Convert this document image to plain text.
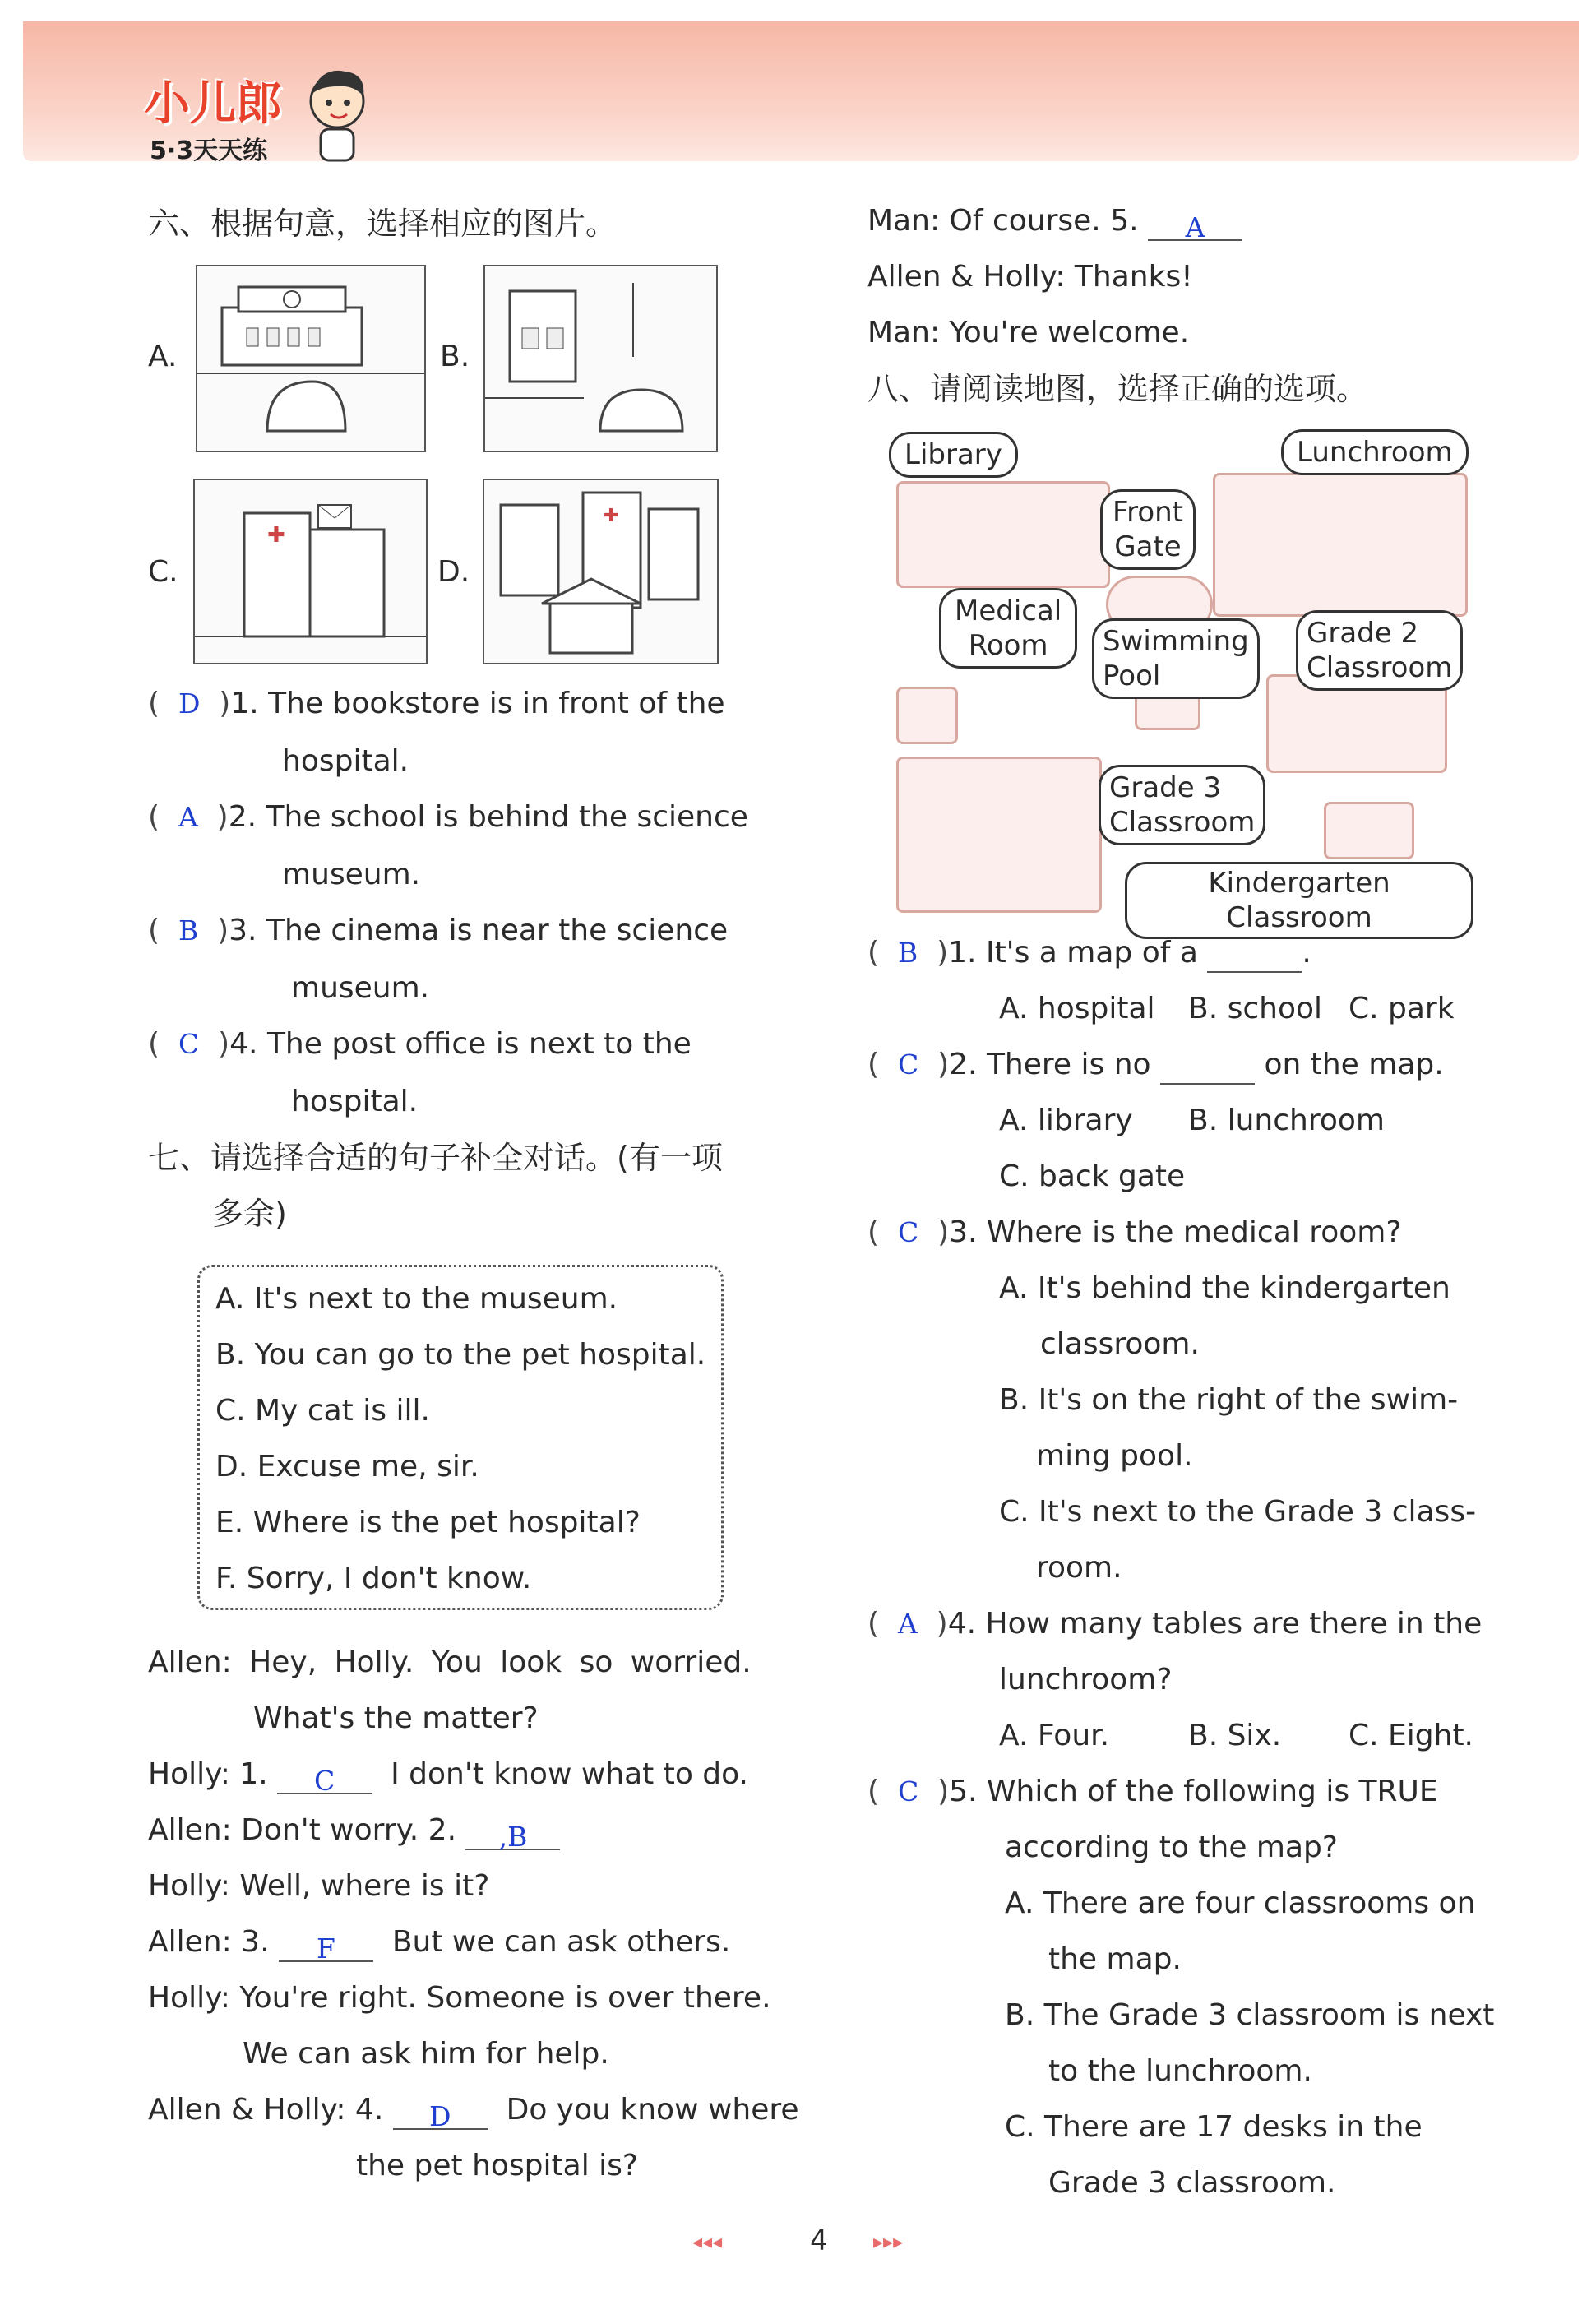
小儿郎
5·3天天练
六、根据句意，选择相应的图片。
A.	B.
C.
✚
D.
✚
( D )1. The bookstore is in front of the
hospital.
( A )2. The school is behind the science
museum.
( B )3. The cinema is near the science
museum.
( C )4. The post office is next to the
hospital.
七、请选择合适的句子补全对话。(有一项
多余)
A. It's next to the museum.
B. You can go to the pet hospital.
C. My cat is ill.
D. Excuse me, sir.
E. Where is the pet hospital?
F. Sorry, I don't know.
Allen: Hey, Holly. You look so worried.
What's the matter?
Holly: 1. C I don't know what to do.
Allen: Don't worry. 2. ,B
Holly: Well, where is it?
Allen: 3. F But we can ask others.
Holly: You're right. Someone is over there.
We can ask him for help.
Allen & Holly: 4. D Do you know where
the pet hospital is?
Man: Of course. 5. A
Allen & Holly: Thanks!
Man: You're welcome.
八、请阅读地图，选择正确的选项。
Library	Lunchroom
Front
Gate
Medical
Room	Swimming
Pool
Grade 2
Classroom
Grade 3
Classroom
Kindergarten Classroom
( B )1. It's a map of a	.
A. hospital B. school C. park
( C )2. There is no	on the map.
A. library B. lunchroom
C. back gate
( C )3. Where is the medical room?
A. It's behind the kindergarten
classroom.
B. It's on the right of the swim-
ming pool.
C. It's next to the Grade 3 class-
room.
( A )4. How many tables are there in the
lunchroom?
A. Four.	B. Six. C. Eight.
( C )5. Which of the following is TRUE
according to the map?
A. There are four classrooms on
the map.
B. The Grade 3 classroom is next
to the lunchroom.
C. There are 17 desks in the
Grade 3 classroom.
◂◂◂	4 ▸▸▸
